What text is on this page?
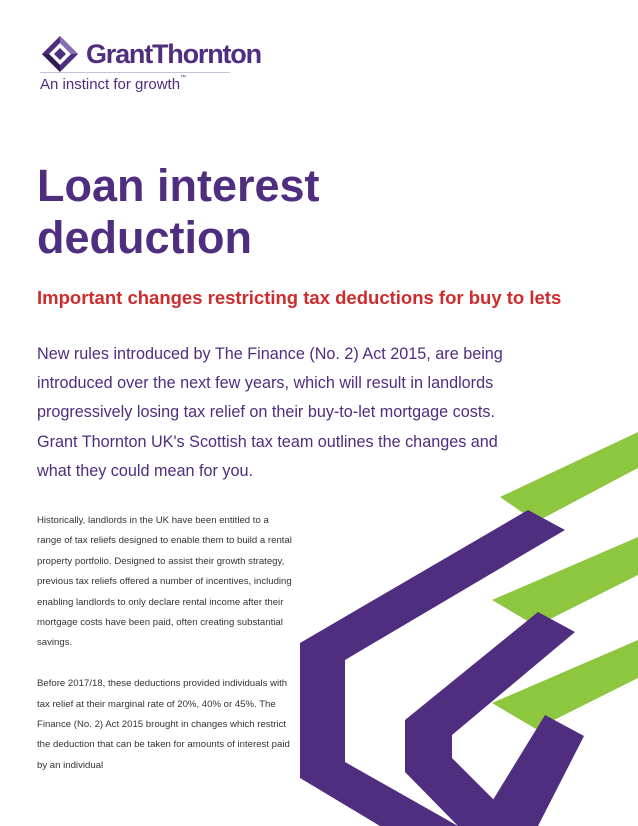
GrantThornton
An instinct for growth™
Loan interest deduction
Important changes restricting tax deductions for buy to lets

New rules introduced by The Finance (No. 2) Act 2015, are being introduced over the next few years, which will result in landlords progressively losing tax relief on their buy-to-let mortgage costs. Grant Thornton UK's Scottish tax team outlines the changes and what they could mean for you.

Historically, landlords in the UK have been entitled to a range of tax reliefs designed to enable them to build a rental property portfolio. Designed to assist their growth strategy, previous tax reliefs offered a number of incentives, including enabling landlords to only declare rental income after their mortgage costs have been paid, often creating substantial savings.

Before 2017/18, these deductions provided individuals with tax relief at their marginal rate of 20%, 40% or 45%. The Finance (No. 2) Act 2015 brought in changes which restrict the deduction that can be taken for amounts of interest paid by an individual
